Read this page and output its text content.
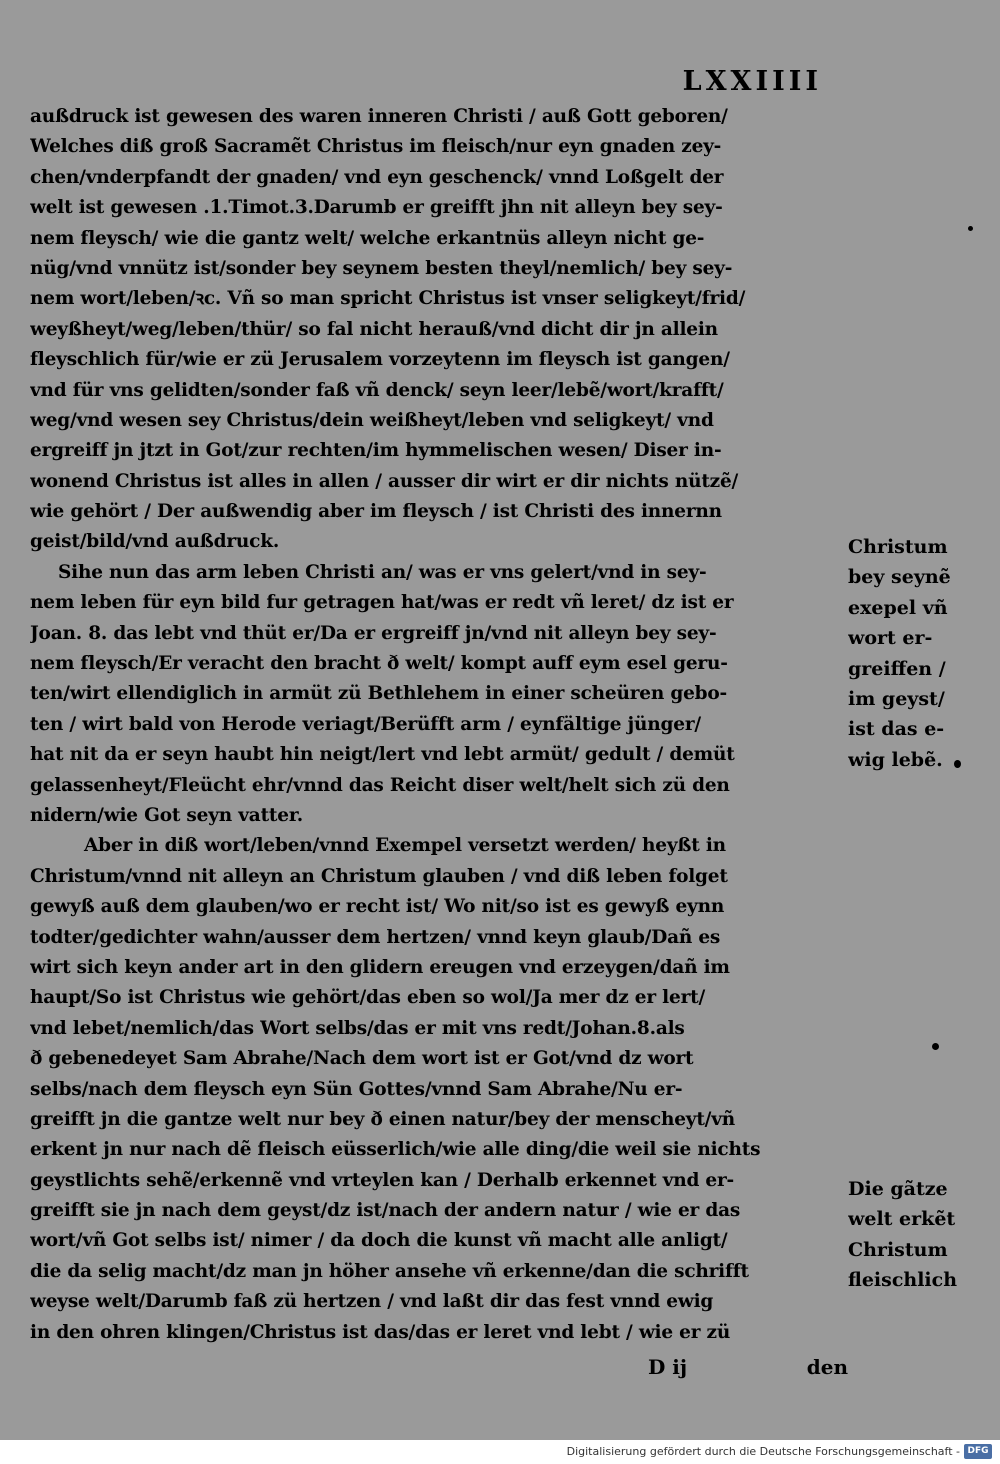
LXXIIII
außdruck ist gewesen des waren inneren Christi / auß Gott geboren/
Welches diß groß Sacramẽt Christus im fleisch/nur eyn gnaden zey-
chen/vnderpfandt der gnaden/ vnd eyn geschenck/ vnnd Loßgelt der
welt ist gewesen .1.Timot.3.Darumb er greifft jhn nit alleyn bey sey-
nem fleysch/ wie die gantz welt/ welche erkantnüs alleyn nicht ge-
nüg/vnd vnnütz ist/sonder bey seynem besten theyl/nemlich/ bey sey-
nem wort/leben/ꝛc. Vñ so man spricht Christus ist vnser seligkeyt/frid/
weyßheyt/weg/leben/thür/ so fal nicht herauß/vnd dicht dir jn allein
fleyschlich für/wie er zü Jerusalem vorzeytenn im fleysch ist gangen/
vnd für vns gelidten/sonder faß vñ denck/ seyn leer/lebẽ/wort/krafft/
weg/vnd wesen sey Christus/dein weißheyt/leben vnd seligkeyt/ vnd
ergreiff jn jtzt in Got/zur rechten/im hymmelischen wesen/ Diser in-
wonend Christus ist alles in allen / ausser dir wirt er dir nichts nützẽ/
wie gehört / Der außwendig aber im fleysch / ist Christi des innernn
geist/bild/vnd außdruck.
Sihe nun das arm leben Christi an/ was er vns gelert/vnd in sey-
nem leben für eyn bild fur getragen hat/was er redt vñ leret/ dz ist er
Joan. 8. das lebt vnd thüt er/Da er ergreiff jn/vnd nit alleyn bey sey-
nem fleysch/Er veracht den bracht ð welt/ kompt auff eym esel geru-
ten/wirt ellendiglich in armüt zü Bethlehem in einer scheüren gebo-
ten / wirt bald von Herode veriagt/Berüfft arm / eynfältige jünger/
hat nit da er seyn haubt hin neigt/lert vnd lebt armüt/ gedult / demüt
gelassenheyt/Fleücht ehr/vnnd das Reicht diser welt/helt sich zü den
nidern/wie Got seyn vatter.
Aber in diß wort/leben/vnnd Exempel versetzt werden/ heyßt in
Christum/vnnd nit alleyn an Christum glauben / vnd diß leben folget
gewyß auß dem glauben/wo er recht ist/ Wo nit/so ist es gewyß eynn
todter/gedichter wahn/ausser dem hertzen/ vnnd keyn glaub/Dañ es
wirt sich keyn ander art in den glidern ereugen vnd erzeygen/dañ im
haupt/So ist Christus wie gehört/das eben so wol/Ja mer dz er lert/
vnd lebet/nemlich/das Wort selbs/das er mit vns redt/Johan.8.als
ð gebenedeyet Sam Abrahe/Nach dem wort ist er Got/vnd dz wort
selbs/nach dem fleysch eyn Sün Gottes/vnnd Sam Abrahe/Nu er-
greifft jn die gantze welt nur bey ð einen natur/bey der menscheyt/vñ
erkent jn nur nach dẽ fleisch eüsserlich/wie alle ding/die weil sie nichts
geystlichts sehẽ/erkennẽ vnd vrteylen kan / Derhalb erkennet vnd er-
greifft sie jn nach dem geyst/dz ist/nach der andern natur / wie er das
wort/vñ Got selbs ist/ nimer / da doch die kunst vñ macht alle anligt/
die da selig macht/dz man jn höher ansehe vñ erkenne/dan die schrifft
weyse welt/Darumb faß zü hertzen / vnd laßt dir das fest vnnd ewig
in den ohren klingen/Christus ist das/das er leret vnd lebt / wie er zü
Christum
bey seynẽ
exepel vñ
wort er-
greiffen /
im geyst/
ist das e-
wig lebẽ.
Die gãtze
welt erkẽt
Christum
fleischlich
D ij	den
Digitalisierung gefördert durch die Deutsche Forschungsgemeinschaft - DFG
